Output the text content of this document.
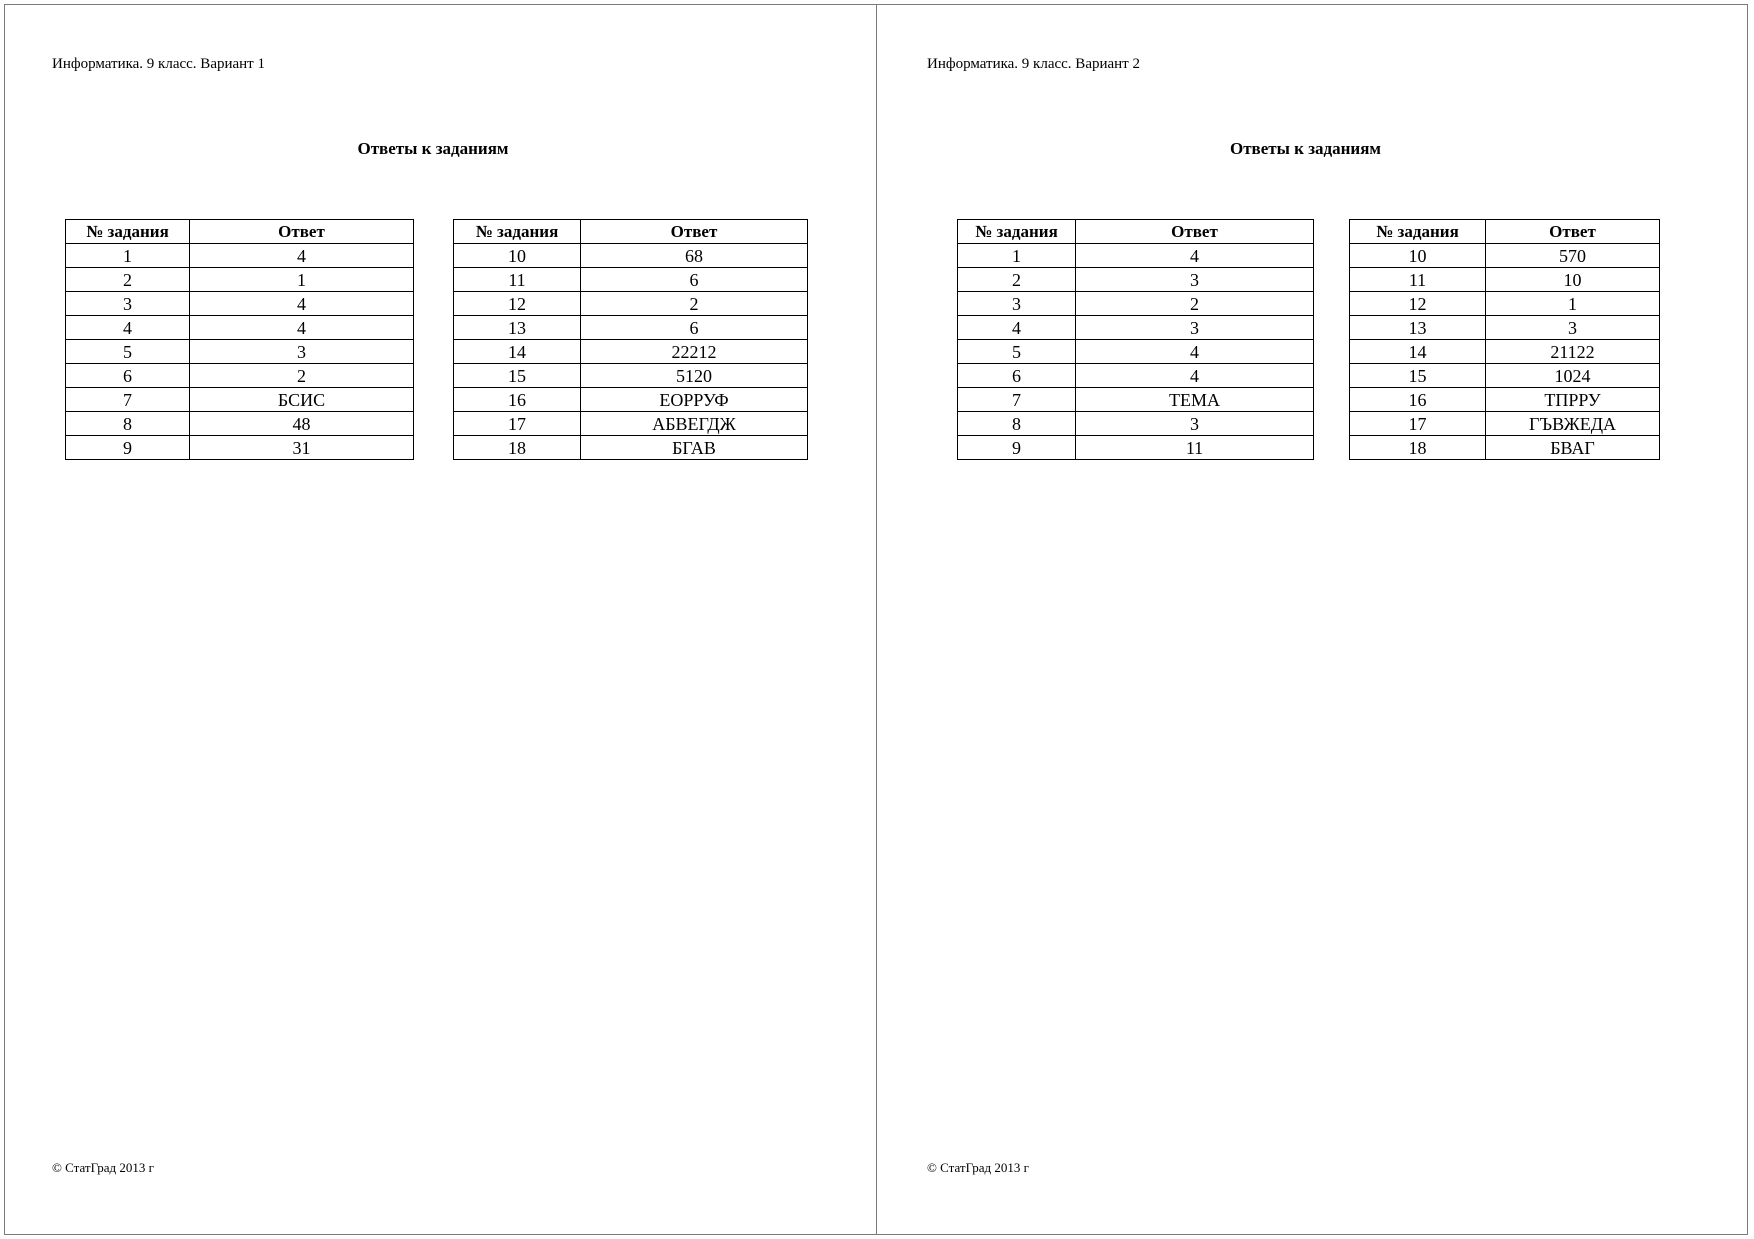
Информатика. 9 класс. Вариант 1
Ответы к заданиям
№ задания	Ответ
1	4
2	1
3	4
4	4
5	3
6	2
7	БСИС
8	48
9	31
№ задания	Ответ
10	68
11	6
12	2
13	6
14	22212
15	5120
16	ЕОРРУФ
17	АБВЕГДЖ
18	БГАВ
© СтатГрад 2013 г
Информатика. 9 класс. Вариант 2
Ответы к заданиям
№ задания	Ответ
1	4
2	3
3	2
4	3
5	4
6	4
7	ТЕМА
8	3
9	11
№ задания	Ответ
10	570
11	10
12	1
13	3
14	21122
15	1024
16	ТПРРУ
17	ГЪВЖЕДА
18	БВАГ
© СтатГрад 2013 г
